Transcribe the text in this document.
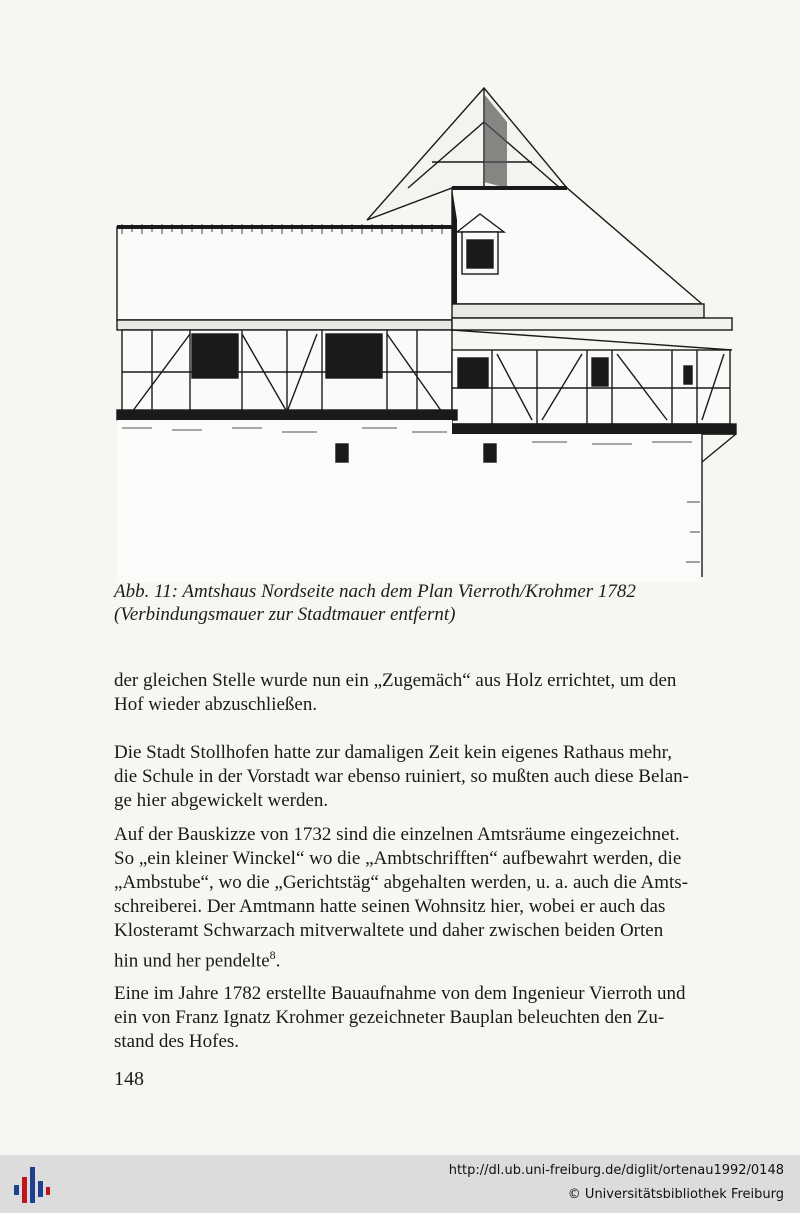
Abb. 11: Amtshaus Nordseite nach dem Plan Vierroth/Krohmer 1782 (Verbindungsmauer zur Stadtmauer entfernt)
der gleichen Stelle wurde nun ein „Zugemäch“ aus Holz errichtet, um den
Hof wieder abzuschließen.
Die Stadt Stollhofen hatte zur damaligen Zeit kein eigenes Rathaus mehr,
die Schule in der Vorstadt war ebenso ruiniert, so mußten auch diese Belan-
ge hier abgewickelt werden.
Auf der Bauskizze von 1732 sind die einzelnen Amtsräume eingezeichnet.
So „ein kleiner Winckel“ wo die „Ambtschrifften“ aufbewahrt werden, die
„Ambstube“, wo die „Gerichtstäg“ abgehalten werden, u. a. auch die Amts-
schreiberei. Der Amtmann hatte seinen Wohnsitz hier, wobei er auch das
Klosteramt Schwarzach mitverwaltete und daher zwischen beiden Orten
hin und her pendelte$^8$.
Eine im Jahre 1782 erstellte Bauaufnahme von dem Ingenieur Vierroth und
ein von Franz Ignatz Krohmer gezeichneter Bauplan beleuchten den Zu-
stand des Hofes.
148
http://dl.ub.uni-freiburg.de/diglit/ortenau1992/0148
© Universitätsbibliothek Freiburg
